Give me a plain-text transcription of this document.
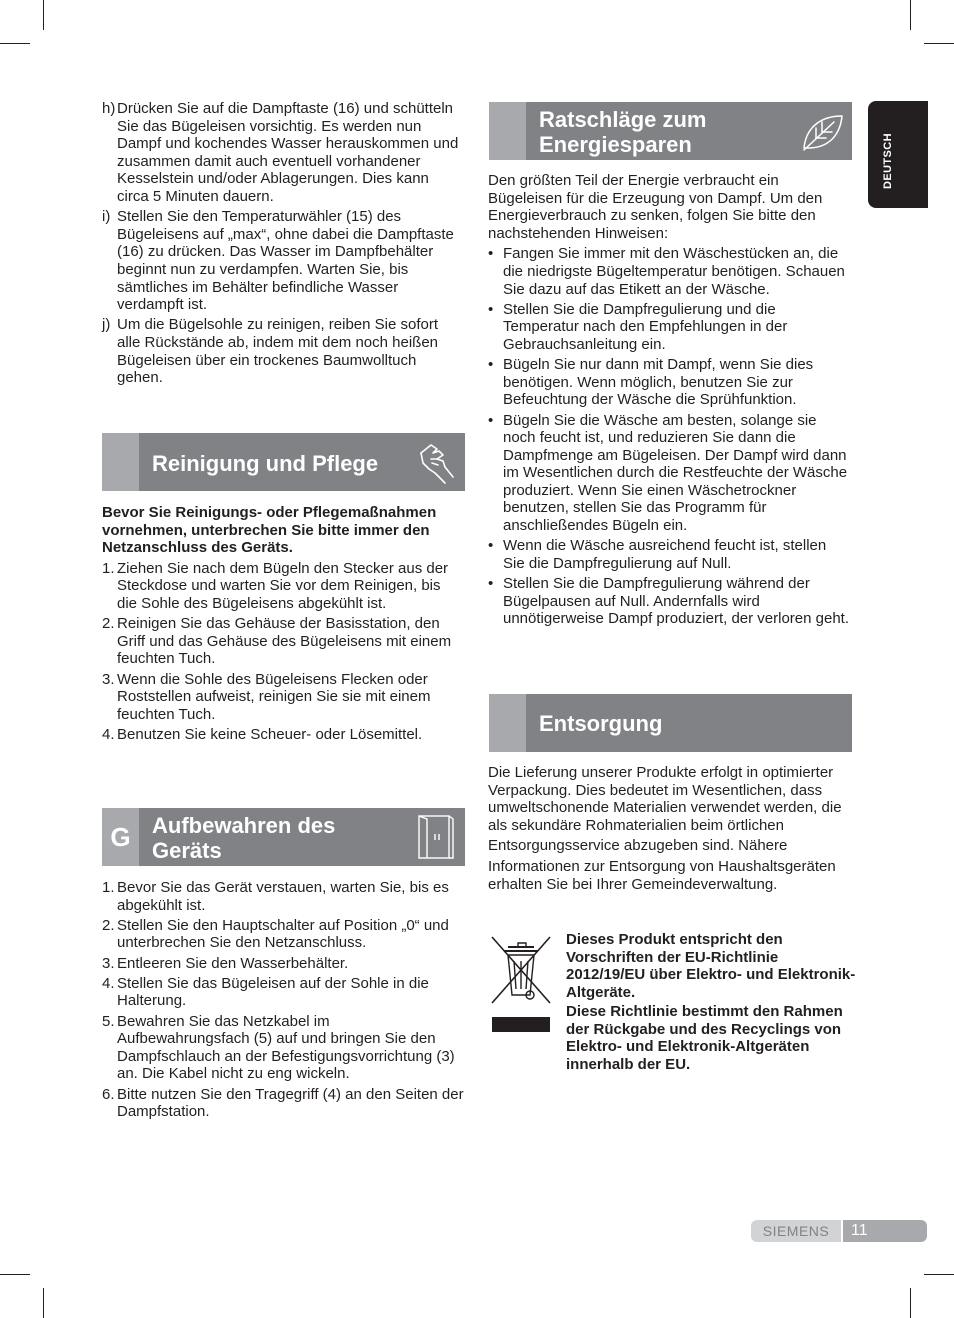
DEUTSCH
h) Drücken Sie auf die Dampftaste (16) und schütteln Sie das Bügeleisen vorsichtig. Es werden nun Dampf und kochendes Wasser herauskommen und zusammen damit auch eventuell vorhandener Kesselstein und/oder Ablagerungen. Dies kann circa 5 Minuten dauern.
i) Stellen Sie den Temperaturwähler (15) des Bügeleisens auf „max“, ohne dabei die Dampftaste (16) zu drücken. Das Wasser im Dampfbehälter beginnt nun zu verdampfen. Warten Sie, bis sämtliches im Behälter befindliche Wasser verdampft ist.
j) Um die Bügelsohle zu reinigen, reiben Sie sofort alle Rückstände ab, indem mit dem noch heißen Bügeleisen über ein trockenes Baumwolltuch gehen.
Reinigung und Pflege

Bevor Sie Reinigungs- oder Pflegemaßnahmen vornehmen, unterbrechen Sie bitte immer den Netzanschluss des Geräts.

1. Ziehen Sie nach dem Bügeln den Stecker aus der Steckdose und warten Sie vor dem Reinigen, bis die Sohle des Bügeleisens abgekühlt ist.
2. Reinigen Sie das Gehäuse der Basisstation, den Griff und das Gehäuse des Bügeleisens mit einem feuchten Tuch.
3. Wenn die Sohle des Bügeleisens Flecken oder Roststellen aufweist, reinigen Sie sie mit einem feuchten Tuch.
4. Benutzen Sie keine Scheuer- oder Lösemittel.
G Aufbewahren des Geräts
1. Bevor Sie das Gerät verstauen, warten Sie, bis es abgekühlt ist.
2. Stellen Sie den Hauptschalter auf Position „0“ und unterbrechen Sie den Netzanschluss.
3. Entleeren Sie den Wasserbehälter.
4. Stellen Sie das Bügeleisen auf der Sohle in die Halterung.
5. Bewahren Sie das Netzkabel im Aufbewahrungsfach (5) auf und bringen Sie den Dampfschlauch an der Befestigungsvorrichtung (3) an. Die Kabel nicht zu eng wickeln.
6. Bitte nutzen Sie den Tragegriff (4) an den Seiten der Dampfstation.
Ratschläge zum Energiesparen

Den größten Teil der Energie verbraucht ein Bügeleisen für die Erzeugung von Dampf. Um den Energieverbrauch zu senken, folgen Sie bitte den nachstehenden Hinweisen:

• Fangen Sie immer mit den Wäschestücken an, die die niedrigste Bügeltemperatur benötigen. Schauen Sie dazu auf das Etikett an der Wäsche.
• Stellen Sie die Dampfregulierung und die Temperatur nach den Empfehlungen in der Gebrauchsanleitung ein.
• Bügeln Sie nur dann mit Dampf, wenn Sie dies benötigen. Wenn möglich, benutzen Sie zur Befeuchtung der Wäsche die Sprühfunktion.
• Bügeln Sie die Wäsche am besten, solange sie noch feucht ist, und reduzieren Sie dann die Dampfmenge am Bügeleisen. Der Dampf wird dann im Wesentlichen durch die Restfeuchte der Wäsche produziert. Wenn Sie einen Wäschetrockner benutzen, stellen Sie das Programm für anschließendes Bügeln ein.
• Wenn die Wäsche ausreichend feucht ist, stellen Sie die Dampfregulierung auf Null.
• Stellen Sie die Dampfregulierung während der Bügelpausen auf Null. Andernfalls wird unnötigerweise Dampf produziert, der verloren geht.
Entsorgung

Die Lieferung unserer Produkte erfolgt in optimierter Verpackung. Dies bedeutet im Wesentlichen, dass umweltschonende Materialien verwendet werden, die als sekundäre Rohmaterialien beim örtlichen

Entsorgungsservice abzugeben sind. Nähere

Informationen zur Entsorgung von Haushaltsgeräten erhalten Sie bei Ihrer Gemeindeverwaltung.

Dieses Produkt entspricht den Vorschriften der EU-Richtlinie 2012/19/EU über Elektro- und Elektronik-Altgeräte.

Diese Richtlinie bestimmt den Rahmen der Rückgabe und des Recyclings von Elektro- und Elektronik-Altgeräten innerhalb der EU.

SIEMENS	11
